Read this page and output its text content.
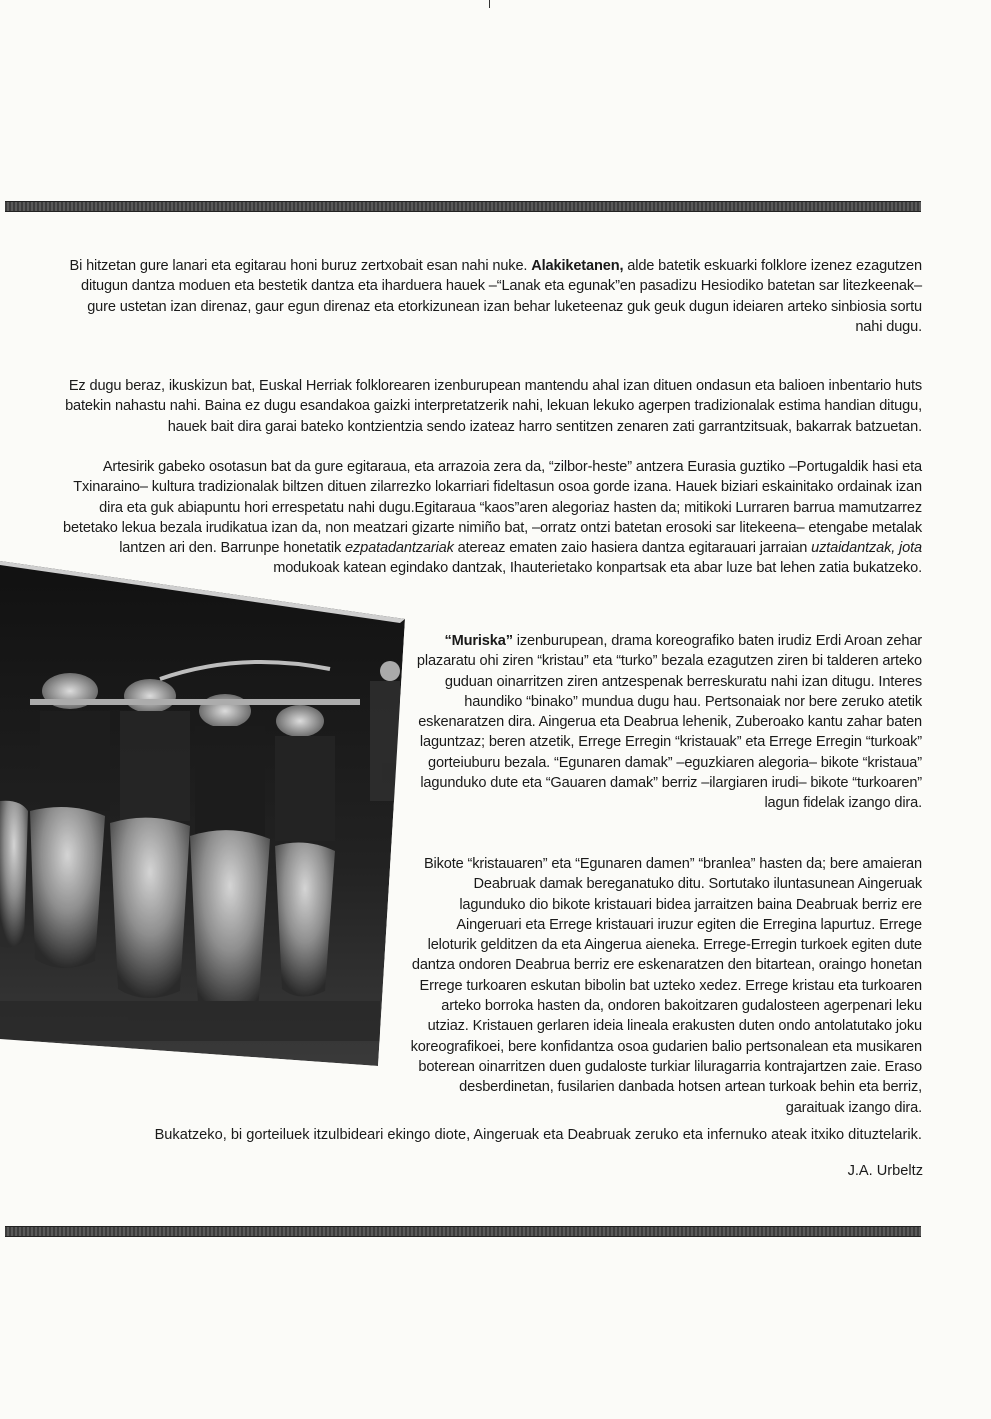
Bi hitzetan gure lanari eta egitarau honi buruz zertxobait esan nahi nuke. Alakiketanen, alde batetik eskuarki folklore izenez ezagutzen ditugun dantza moduen eta bestetik dantza eta iharduera hauek –“Lanak eta egunak”en pasadizu Hesiodiko batetan sar litezkeenak– gure ustetan izan direnaz, gaur egun direnaz eta etorkizunean izan behar luketeenaz guk geuk dugun ideiaren arteko sinbiosia sortu nahi dugu.

Ez dugu beraz, ikuskizun bat, Euskal Herriak folklorearen izenburupean mantendu ahal izan dituen ondasun eta balioen inbentario huts batekin nahastu nahi. Baina ez dugu esandakoa gaizki interpretatzerik nahi, lekuan lekuko agerpen tradizionalak estima handian ditugu, hauek bait dira garai bateko kontzientzia sendo izateaz harro sentitzen zenaren zati garrantzitsuak, bakarrak batzuetan.

Artesirik gabeko osotasun bat da gure egitaraua, eta arrazoia zera da, “zilbor-heste” antzera Eurasia guztiko –Portugaldik hasi eta Txinaraino– kultura tradizionalak biltzen dituen zilarrezko lokarriari fideltasun osoa gorde izana. Hauek biziari eskainitako ordainak izan dira eta guk abiapuntu hori errespetatu nahi dugu.Egitaraua “kaos”aren alegoriaz hasten da; mitikoki Lurraren barrua mamutzarrez betetako lekua bezala irudikatua izan da, non meatzari gizarte nimiño bat, –orratz ontzi batetan erosoki sar litekeena– etengabe metalak lantzen ari den. Barrunpe honetatik ezpatadantzariak atereaz ematen zaio hasiera dantza egitarauari jarraian uztaidantzak, jota modukoak katean egindako dantzak, Ihauterietako konpartsak eta abar luze bat lehen zatia bukatzeko.

“Muriska” izenburupean, drama koreografiko baten irudiz Erdi Aroan zehar plazaratu ohi ziren “kristau” eta “turko” bezala ezagutzen ziren bi talderen arteko guduan oinarritzen ziren antzespenak berreskuratu nahi izan ditugu. Interes haundiko “binako” mundua dugu hau. Pertsonaiak nor bere zeruko atetik eskenaratzen dira. Aingerua eta Deabrua lehenik, Zuberoako kantu zahar baten laguntzaz; beren atzetik, Errege Erregin “kristauak” eta Errege Erregin “turkoak” gorteiuburu bezala. “Egunaren damak” –eguzkiaren alegoria– bikote “kristaua” lagunduko dute eta “Gauaren damak” berriz –ilargiaren irudi– bikote “turkoaren” lagun fidelak izango dira.

Bikote “kristauaren” eta “Egunaren damen” “branlea” hasten da; bere amaieran Deabruak damak bereganatuko ditu. Sortutako iluntasunean Aingeruak lagunduko dio bikote kristauari bidea jarraitzen baina Deabruak berriz ere Aingeruari eta Errege kristauari iruzur egiten die Erregina lapurtuz. Errege leloturik gelditzen da eta Aingerua aieneka. Errege-Erregin turkoek egiten dute dantza ondoren Deabrua berriz ere eskenaratzen den bitartean, oraingo honetan Errege turkoaren eskutan bibolin bat uzteko xedez. Errege kristau eta turkoaren arteko borroka hasten da, ondoren bakoitzaren gudalosteen agerpenari leku utziaz. Kristauen gerlaren ideia lineala erakusten duten ondo antolatutako joku koreografikoei, bere konfidantza osoa gudarien balio pertsonalean eta musikaren boterean oinarritzen duen gudaloste turkiar liluragarria kontrajartzen zaie. Eraso desberdinetan, fusilarien danbada hotsen artean turkoak behin eta berriz, garaituak izango dira.

Bukatzeko, bi gorteiluek itzulbideari ekingo diote, Aingeruak eta Deabruak zeruko eta infernuko ateak itxiko dituztelarik.

J.A. Urbeltz
